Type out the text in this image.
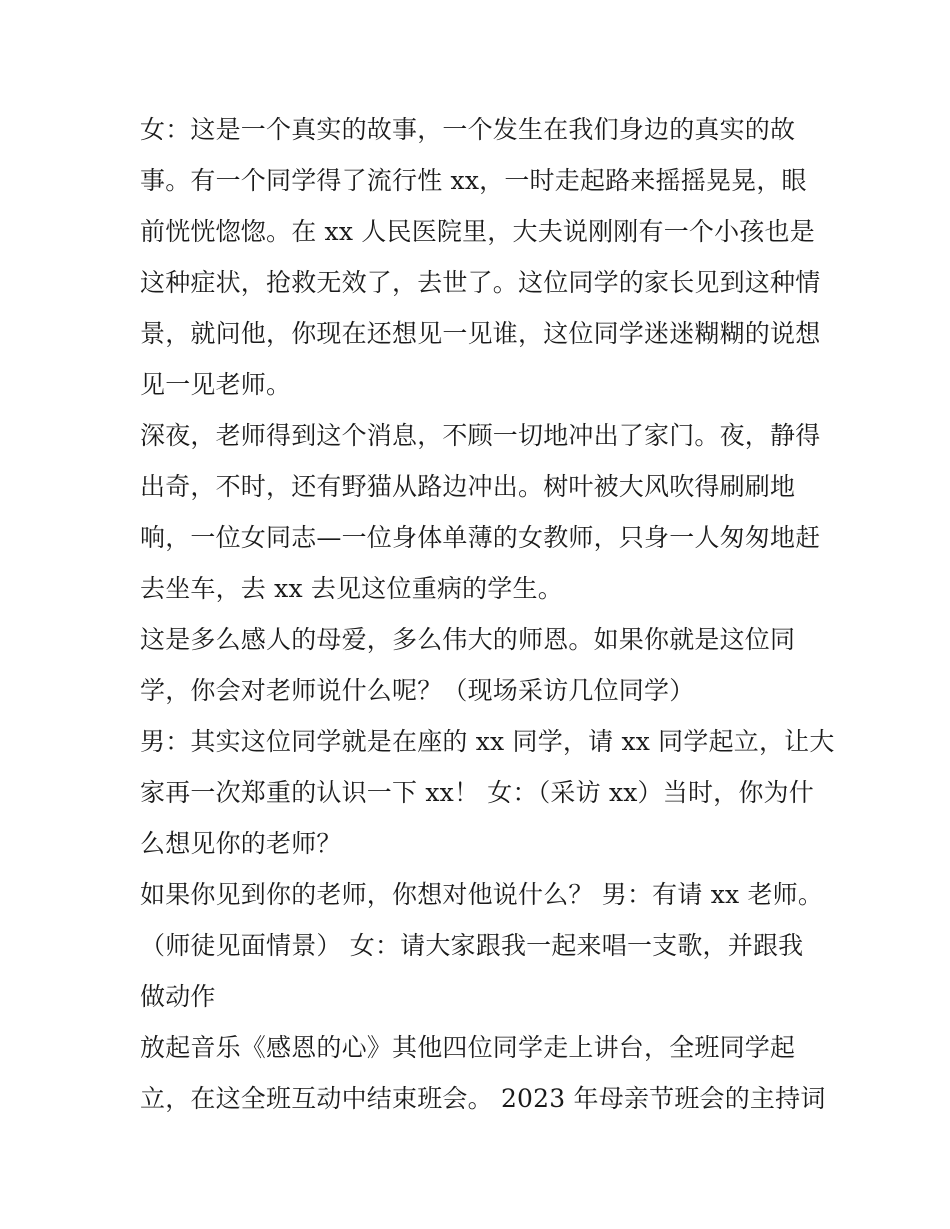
女：这是一个真实的故事，一个发生在我们身边的真实的故
事。有一个同学得了流行性 xx，一时走起路来摇摇晃晃，眼
前恍恍惚惚。在 xx 人民医院里，大夫说刚刚有一个小孩也是
这种症状，抢救无效了，去世了。这位同学的家长见到这种情
景，就问他，你现在还想见一见谁，这位同学迷迷糊糊的说想
见一见老师。
深夜，老师得到这个消息，不顾一切地冲出了家门。夜，静得
出奇，不时，还有野猫从路边冲出。树叶被大风吹得刷刷地
响，一位女同志—一位身体单薄的女教师，只身一人匆匆地赶
去坐车，去 xx 去见这位重病的学生。
这是多么感人的母爱，多么伟大的师恩。如果你就是这位同
学，你会对老师说什么呢？（现场采访几位同学）
男：其实这位同学就是在座的 xx 同学，请 xx 同学起立，让大
家再一次郑重的认识一下 xx！ 女：（采访 xx）当时，你为什
么想见你的老师？
如果你见到你的老师，你想对他说什么？ 男：有请 xx 老师。
（师徒见面情景） 女：请大家跟我一起来唱一支歌，并跟我
做动作
放起音乐《感恩的心》其他四位同学走上讲台，全班同学起
立，在这全班互动中结束班会。 2023 年母亲节班会的主持词
